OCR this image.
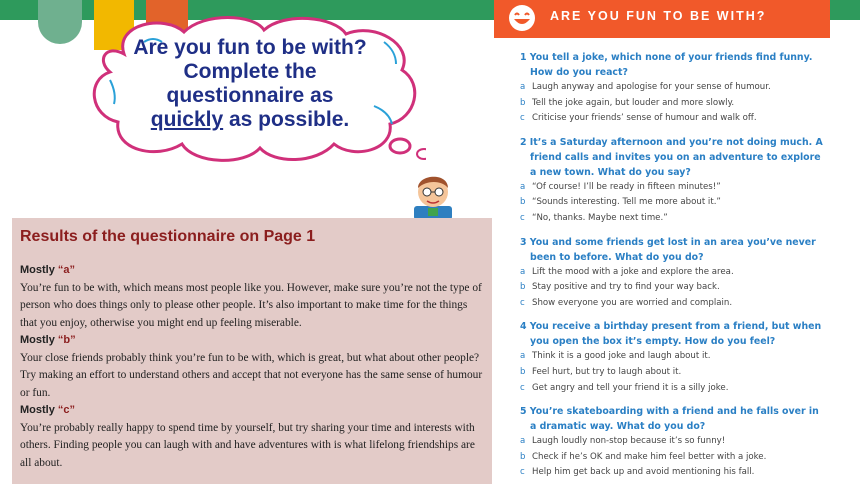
Are you fun to be with?
Complete the
questionnaire as
quickly as possible.
Results of the questionnaire on Page 1
Mostly “a”

You’re fun to be with, which means most people like you. However, make sure you’re not the type of person who does things only to please other people. It’s also important to make time for the things that you enjoy, otherwise you might end up feeling miserable.

Mostly “b”

Your close friends probably think you’re fun to be with, which is great, but what about other people? Try making an effort to understand others and accept that not everyone has the same sense of humour or fun.

Mostly “c”

You’re probably really happy to spend time by yourself, but try sharing your time and interests with others. Finding people you can laugh with and have adventures with is what lifelong friendships are all about.

ARE YOU FUN TO BE WITH?
1 You tell a joke, which none of your friends find funny. How do you react?
a Laugh anyway and apologise for your sense of humour.
b Tell the joke again, but louder and more slowly.
c Criticise your friends’ sense of humour and walk off.
2 It’s a Saturday afternoon and you’re not doing much. A friend calls and invites you on an adventure to explore a new town. What do you say?
a “Of course! I’ll be ready in fifteen minutes!”
b “Sounds interesting. Tell me more about it.”
c “No, thanks. Maybe next time.”
3 You and some friends get lost in an area you’ve never been to before. What do you do?
a Lift the mood with a joke and explore the area.
b Stay positive and try to find your way back.
c Show everyone you are worried and complain.
4 You receive a birthday present from a friend, but when you open the box it’s empty. How do you feel?
a Think it is a good joke and laugh about it.
b Feel hurt, but try to laugh about it.
c Get angry and tell your friend it is a silly joke.
5 You’re skateboarding with a friend and he falls over in a dramatic way. What do you do?
a Laugh loudly non-stop because it’s so funny!
b Check if he’s OK and make him feel better with a joke.
c Help him get back up and avoid mentioning his fall.
